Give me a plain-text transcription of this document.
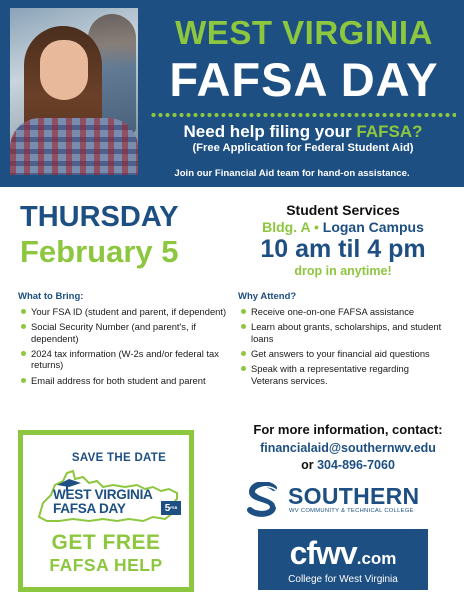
WEST VIRGINIA
FAFSA DAY
Need help filing your FAFSA?
(Free Application for Federal Student Aid)
Join our Financial Aid team for hand-on assistance.
THURSDAY
February 5
Student Services
Bldg. A • Logan Campus
10 am til 4 pm
drop in anytime!
What to Bring:
Your FSA ID (student and parent, if dependent)
Social Security Number (and parent's, if dependent)
2024 tax information (W-2s and/or federal tax returns)
Email address for both student and parent
Why Attend?
Receive one-on-one FAFSA assistance
Learn about grants, scholarships, and student loans
Get answers to your financial aid questions
Speak with a representative regarding Veterans services.
SAVE THE DATE
WEST VIRGINIA
FAFSA DAY	5FEB2026
GET FREE
FAFSA HELP
For more information, contact:
financialaid@southernwv.edu
or 304-896-7060
SOUTHERN
WV COMMUNITY & TECHNICAL COLLEGE
cfwv.com
College for West Virginia
